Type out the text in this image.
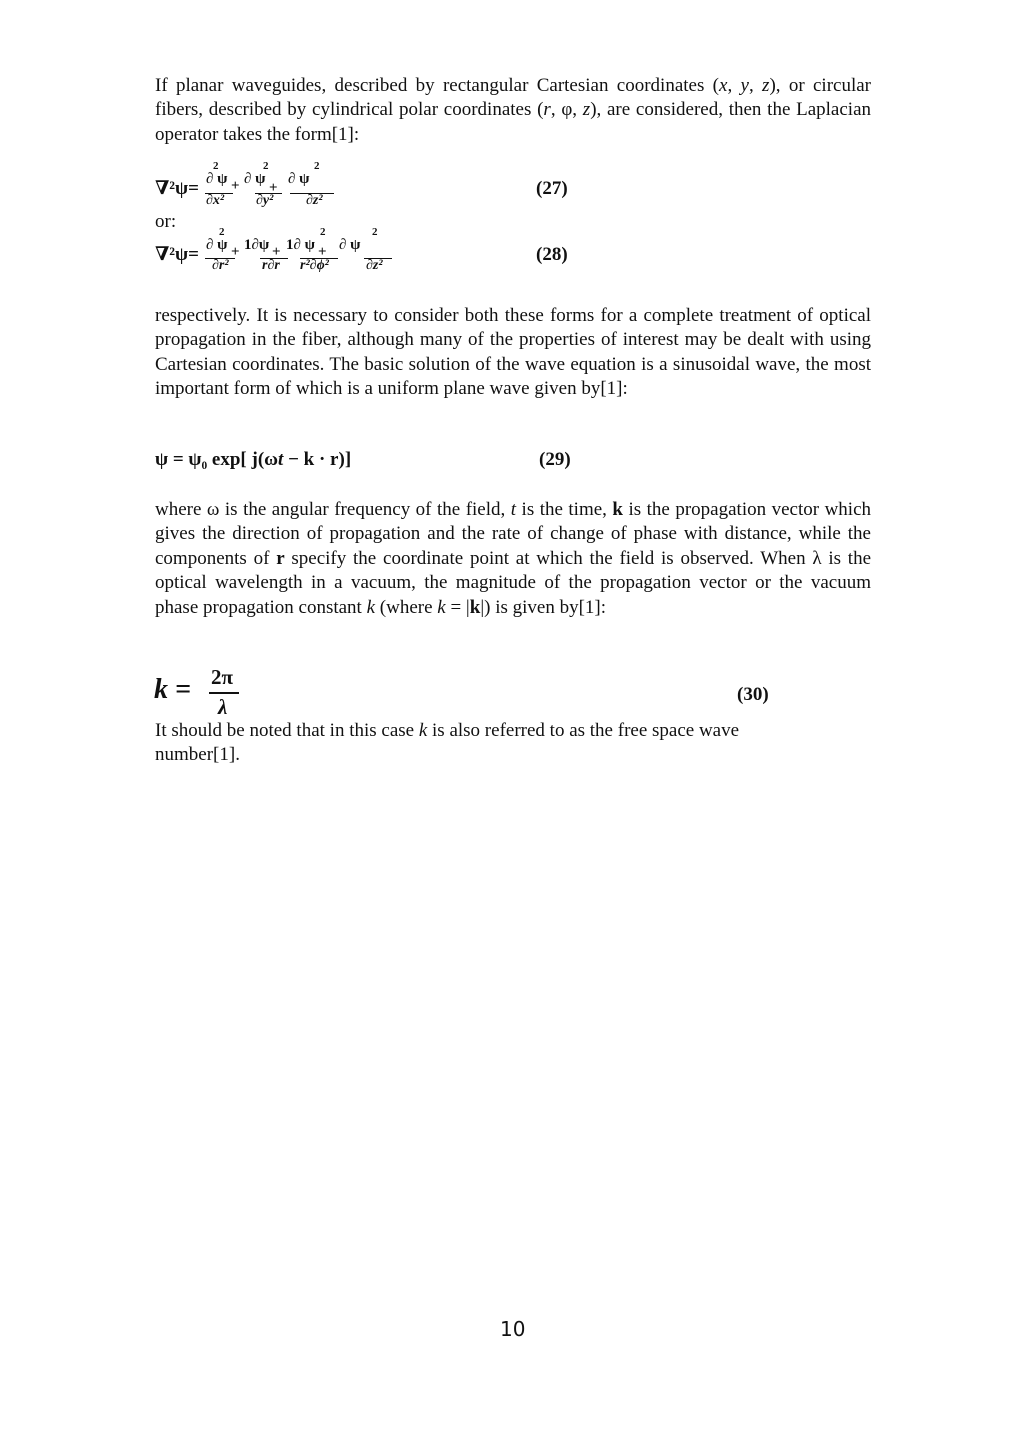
If planar waveguides, described by rectangular Cartesian coordinates (x, y, z), or circular fibers, described by cylindrical polar coordinates (r, φ, z), are considered, then the Laplacian operator takes the form[1]:

∇²ψ=
2
∂ ψ
∂x²
+
2
∂ ψ
∂y²
+
2
∂ ψ
∂z²
(27)
or:
∇²ψ=
2
∂ ψ
∂r²
+ 1∂ψ
r∂r
+
2
1∂ ψ
r²∂ϕ²
+
2
∂ ψ
∂z²
(28)

respectively. It is necessary to consider both these forms for a complete treatment of optical propagation in the fiber, although many of the properties of interest may be dealt with using Cartesian coordinates. The basic solution of the wave equation is a sinusoidal wave, the most important form of which is a uniform plane wave given by[1]:

ψ = ψ₀ exp[ j(ωt − k · r)]	(29)

where ω is the angular frequency of the field, t is the time, k is the propagation vector which gives the direction of propagation and the rate of change of phase with distance, while the components of r specify the coordinate point at which the field is observed. When λ is the optical wavelength in a vacuum, the magnitude of the propagation vector or the vacuum phase propagation constant k (where k = |k|) is given by[1]:

k = 2π
λ
(30)

It should be noted that in this case k is also referred to as the free space wave number[1].

10
